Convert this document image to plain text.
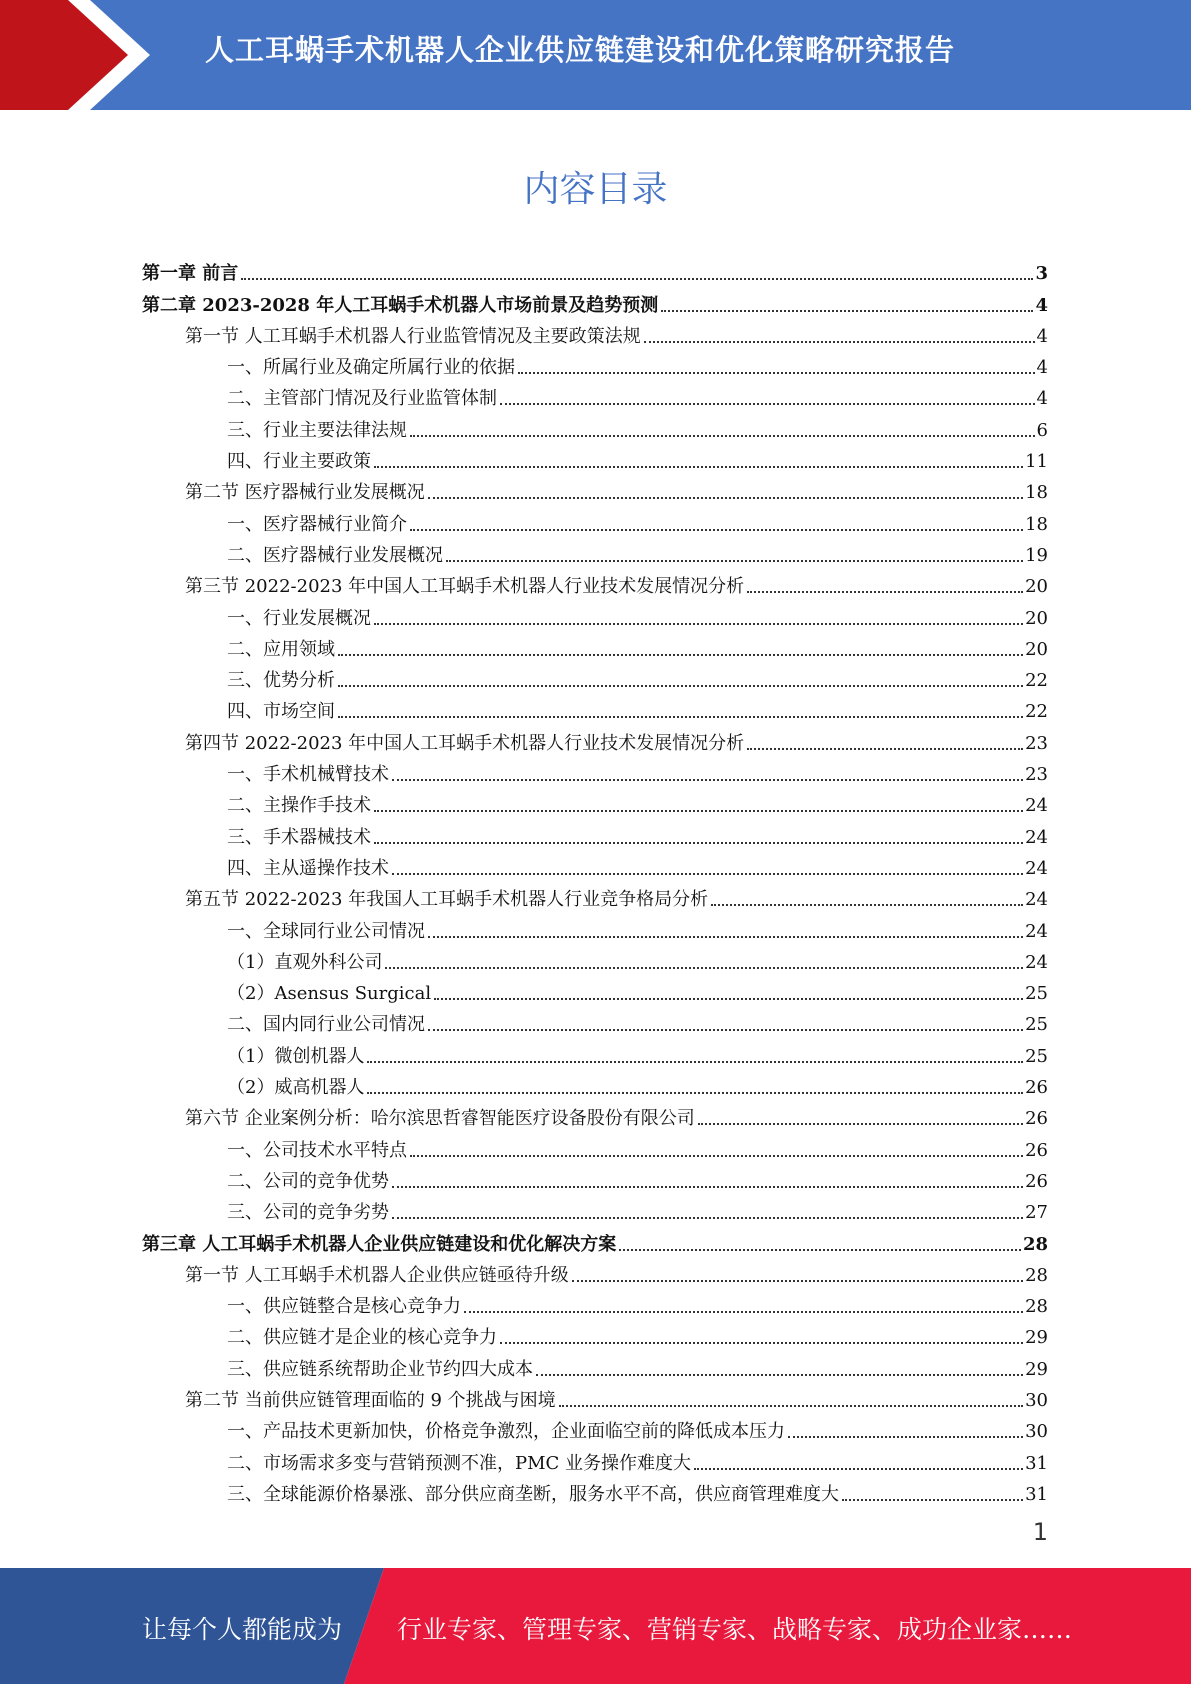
人工耳蜗手术机器人企业供应链建设和优化策略研究报告
内容目录
第一章 前言	3
第二章 2023-2028 年人工耳蜗手术机器人市场前景及趋势预测	4
第一节 人工耳蜗手术机器人行业监管情况及主要政策法规	4
一、所属行业及确定所属行业的依据	4
二、主管部门情况及行业监管体制	4
三、行业主要法律法规	6
四、行业主要政策	11
第二节 医疗器械行业发展概况	18
一、医疗器械行业简介	18
二、医疗器械行业发展概况	19
第三节 2022-2023 年中国人工耳蜗手术机器人行业技术发展情况分析	20
一、行业发展概况	20
二、应用领域	20
三、优势分析	22
四、市场空间	22
第四节 2022-2023 年中国人工耳蜗手术机器人行业技术发展情况分析	23
一、手术机械臂技术	23
二、主操作手技术	24
三、手术器械技术	24
四、主从遥操作技术	24
第五节 2022-2023 年我国人工耳蜗手术机器人行业竞争格局分析	24
一、全球同行业公司情况	24
（1）直观外科公司	24
（2）Asensus Surgical	25
二、国内同行业公司情况	25
（1）微创机器人	25
（2）威高机器人	26
第六节 企业案例分析：哈尔滨思哲睿智能医疗设备股份有限公司	26
一、公司技术水平特点	26
二、公司的竞争优势	26
三、公司的竞争劣势	27
第三章 人工耳蜗手术机器人企业供应链建设和优化解决方案	28
第一节 人工耳蜗手术机器人企业供应链亟待升级	28
一、供应链整合是核心竞争力	28
二、供应链才是企业的核心竞争力	29
三、供应链系统帮助企业节约四大成本	29
第二节 当前供应链管理面临的 9 个挑战与困境	30
一、产品技术更新加快，价格竞争激烈，企业面临空前的降低成本压力	30
二、市场需求多变与营销预测不准，PMC 业务操作难度大	31
三、全球能源价格暴涨、部分供应商垄断，服务水平不高，供应商管理难度大	31
1
让每个人都能成为 行业专家、管理专家、营销专家、战略专家、成功企业家……
